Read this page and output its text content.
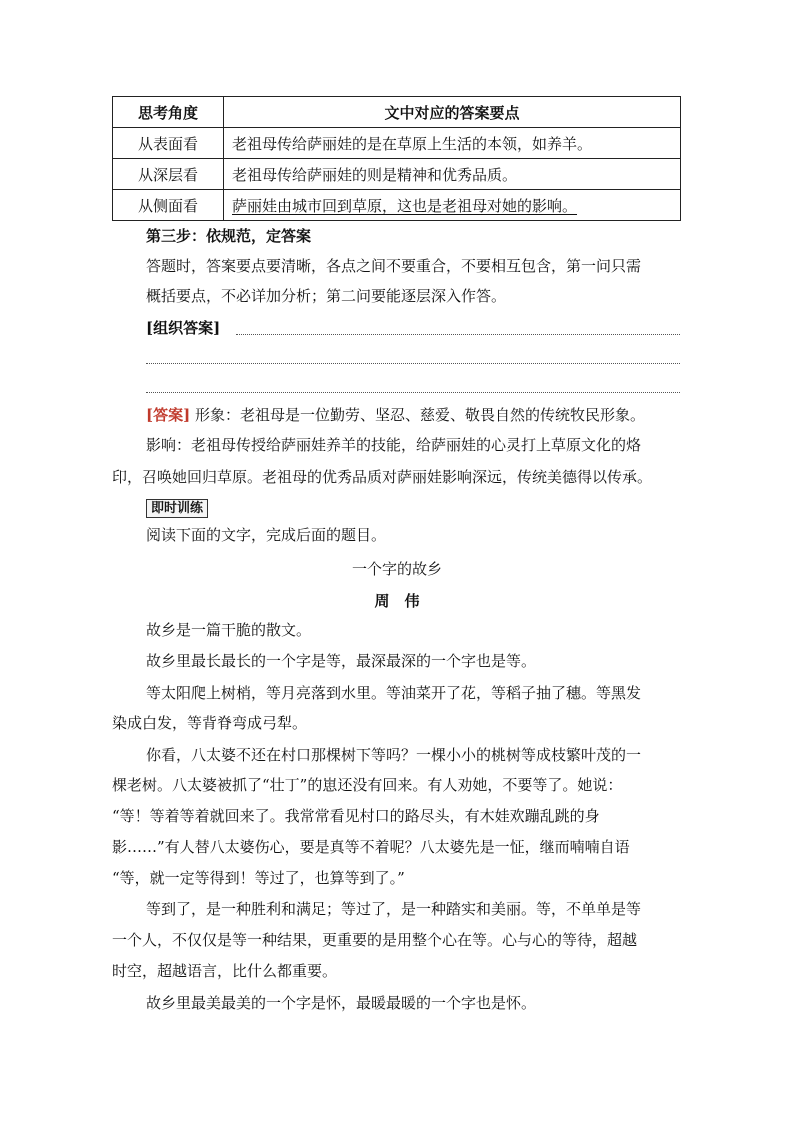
思考角度	文中对应的答案要点
从表面看	老祖母传给萨丽娃的是在草原上生活的本领，如养羊。
从深层看	老祖母传给萨丽娃的则是精神和优秀品质。
从侧面看	萨丽娃由城市回到草原，这也是老祖母对她的影响。
第三步：依规范，定答案
答题时，答案要点要清晰，各点之间不要重合，不要相互包含，第一问只需
概括要点，不必详加分析；第二问要能逐层深入作答。
[组织答案]
[答案] 形象：老祖母是一位勤劳、坚忍、慈爱、敬畏自然的传统牧民形象。
影响：老祖母传授给萨丽娃养羊的技能，给萨丽娃的心灵打上草原文化的烙
印，召唤她回归草原。老祖母的优秀品质对萨丽娃影响深远，传统美德得以传承。
即时训练
阅读下面的文字，完成后面的题目。
一个字的故乡
周　伟
故乡是一篇干脆的散文。
故乡里最长最长的一个字是等，最深最深的一个字也是等。
等太阳爬上树梢，等月亮落到水里。等油菜开了花，等稻子抽了穗。等黑发
染成白发，等背脊弯成弓犁。
你看，八太婆不还在村口那棵树下等吗？一棵小小的桃树等成枝繁叶茂的一
棵老树。八太婆被抓了“壮丁”的崽还没有回来。有人劝她，不要等了。她说：
“等！等着等着就回来了。我常常看见村口的路尽头，有木娃欢蹦乱跳的身
影……”有人替八太婆伤心，要是真等不着呢？八太婆先是一怔，继而喃喃自语
“等，就一定等得到！等过了，也算等到了。”
等到了，是一种胜利和满足；等过了，是一种踏实和美丽。等，不单单是等
一个人，不仅仅是等一种结果，更重要的是用整个心在等。心与心的等待，超越
时空，超越语言，比什么都重要。
故乡里最美最美的一个字是怀，最暖最暖的一个字也是怀。
